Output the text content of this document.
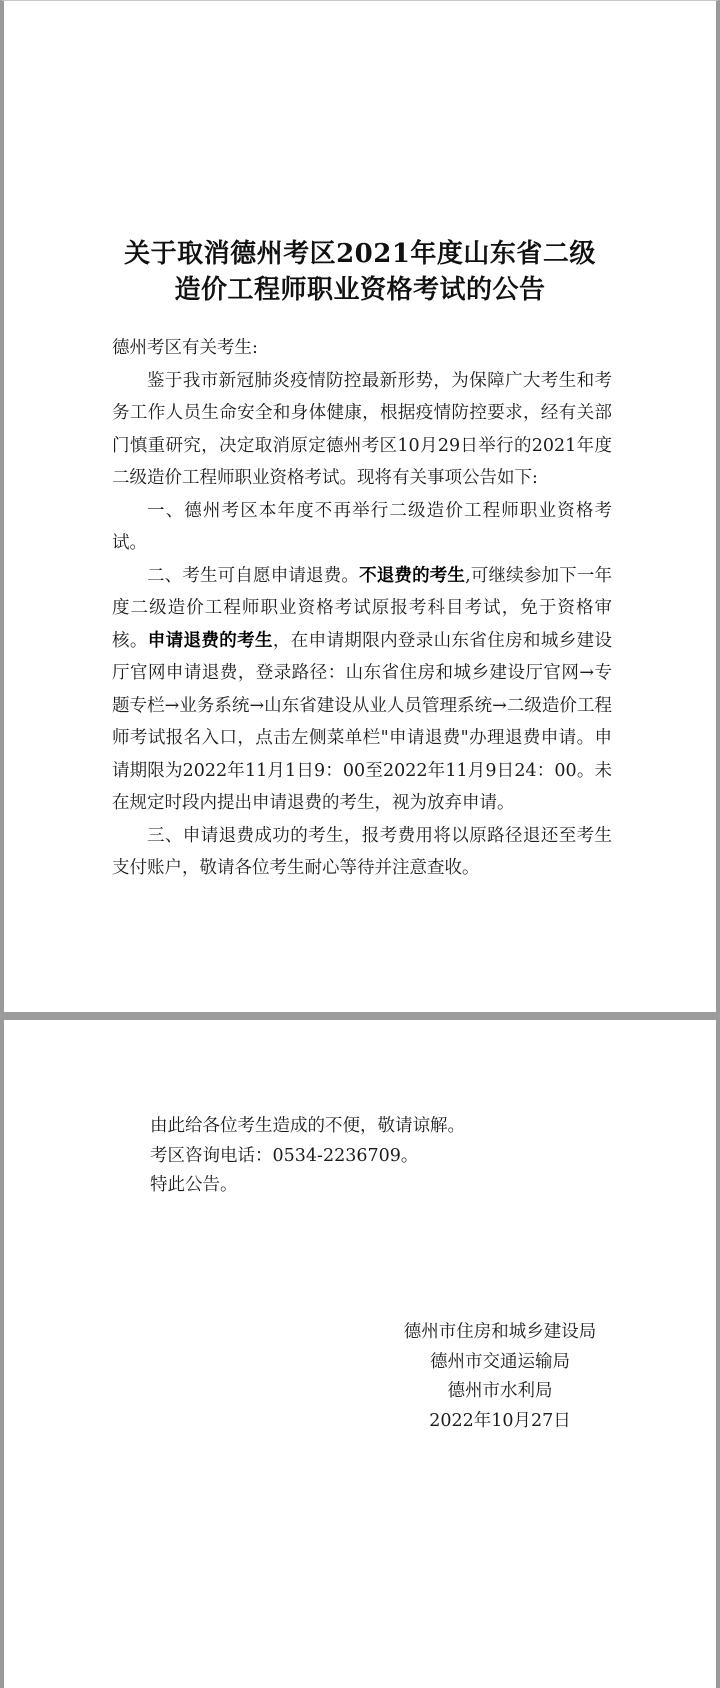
关于取消德州考区2021年度山东省二级
造价工程师职业资格考试的公告

德州考区有关考生:

鉴于我市新冠肺炎疫情防控最新形势，为保障广大考生和考务工作人员生命安全和身体健康，根据疫情防控要求，经有关部门慎重研究，决定取消原定德州考区10月29日举行的2021年度二级造价工程师职业资格考试。现将有关事项公告如下:

一、德州考区本年度不再举行二级造价工程师职业资格考试。

二、考生可自愿申请退费。不退费的考生,可继续参加下一年度二级造价工程师职业资格考试原报考科目考试，免于资格审核。申请退费的考生，在申请期限内登录山东省住房和城乡建设厅官网申请退费，登录路径：山东省住房和城乡建设厅官网→专题专栏→业务系统→山东省建设从业人员管理系统→二级造价工程师考试报名入口，点击左侧菜单栏"申请退费"办理退费申请。申请期限为2022年11月1日9：00至2022年11月9日24：00。未在规定时段内提出申请退费的考生，视为放弃申请。

三、申请退费成功的考生，报考费用将以原路径退还至考生支付账户，敬请各位考生耐心等待并注意查收。

由此给各位考生造成的不便，敬请谅解。

考区咨询电话：0534-2236709。

特此公告。

德州市住房和城乡建设局

德州市交通运输局

德州市水利局

2022年10月27日
